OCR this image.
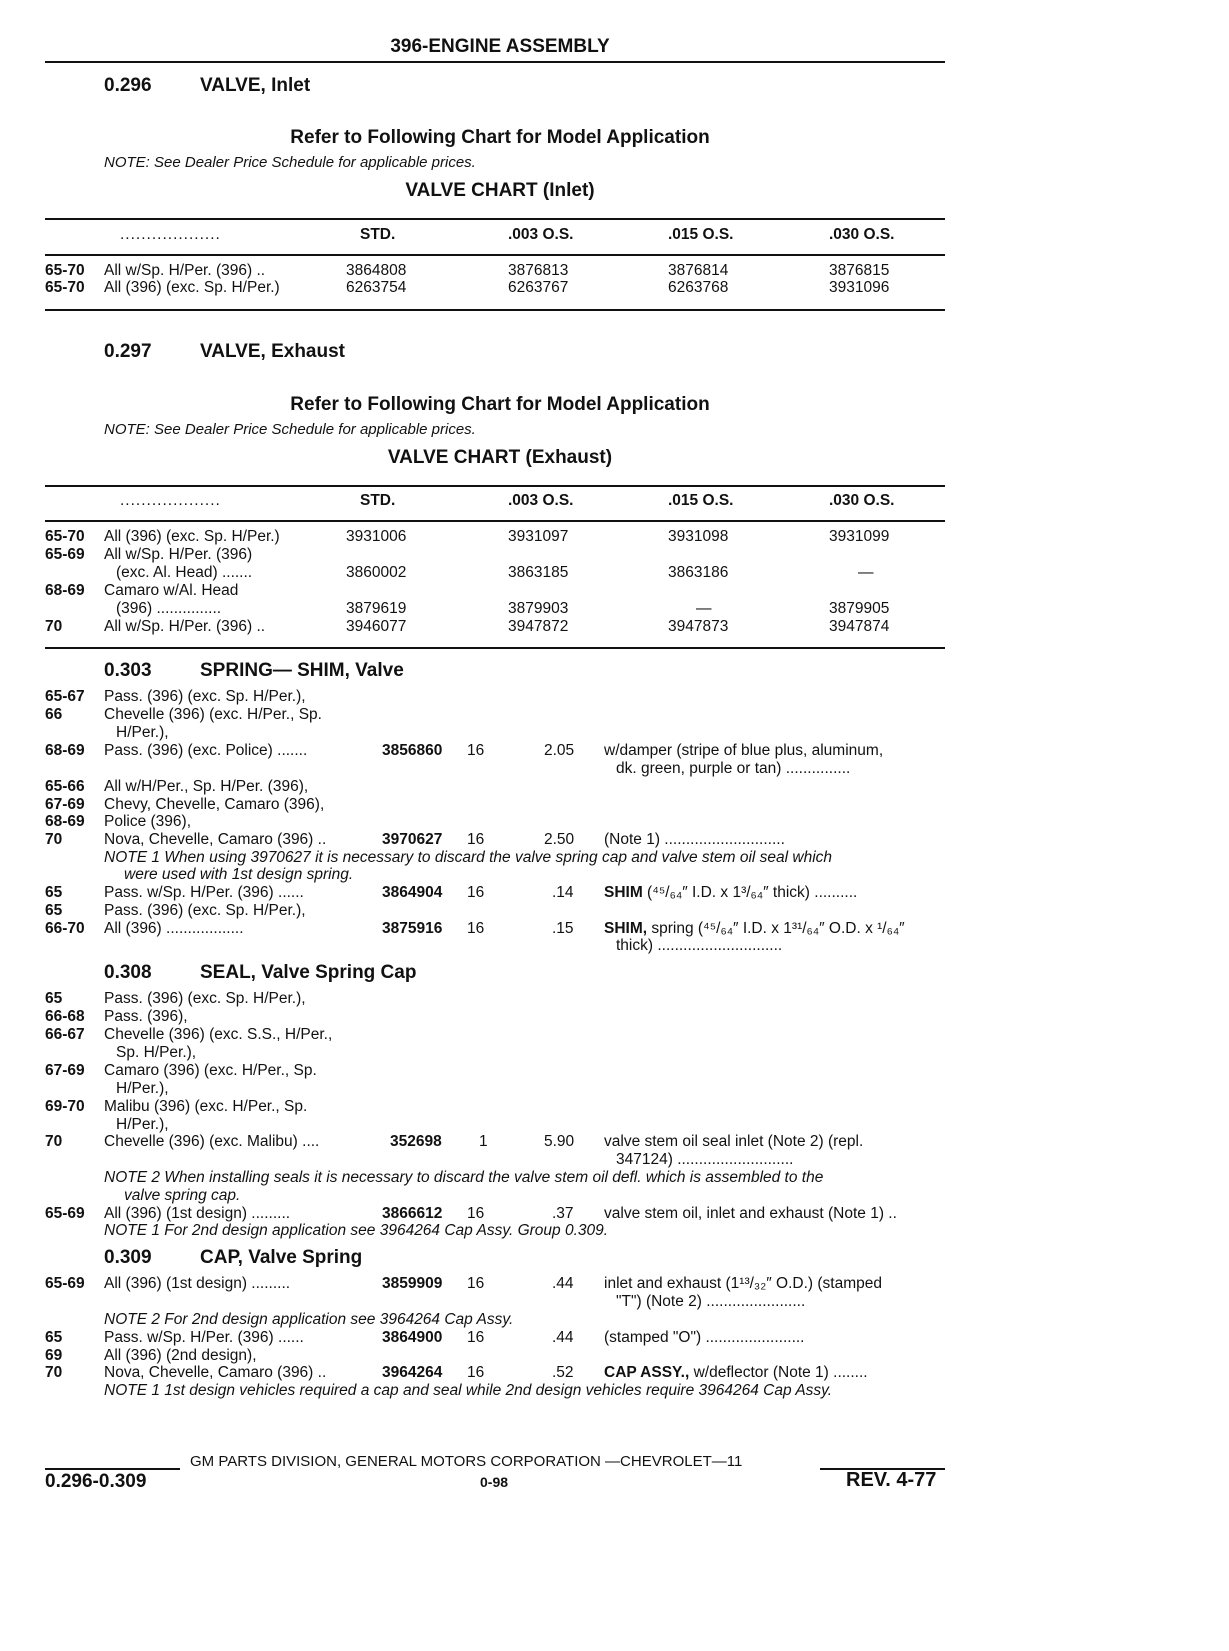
396-ENGINE ASSEMBLY
0.296	VALVE, Inlet
Refer to Following Chart for Model Application
NOTE: See Dealer Price Schedule for applicable prices.
VALVE CHART (Inlet)
...................	STD.	.003 O.S.	.015 O.S.	.030 O.S.
65-70 All w/Sp. H/Per. (396) ..	3864808	3876813	3876814	3876815
65-70 All (396) (exc. Sp. H/Per.)	6263754	6263767	6263768	3931096
0.297	VALVE, Exhaust
Refer to Following Chart for Model Application
NOTE: See Dealer Price Schedule for applicable prices.
VALVE CHART (Exhaust)
...................	STD.	.003 O.S.	.015 O.S.	.030 O.S.
65-70 All (396) (exc. Sp. H/Per.)	3931006	3931097	3931098	3931099
65-69 All w/Sp. H/Per. (396)
(exc. Al. Head) .......	3860002	3863185	3863186	—
68-69 Camaro w/Al. Head
(396) ...............	3879619	3879903	—	3879905
70	All w/Sp. H/Per. (396) ..	3946077	3947872	3947873	3947874
0.303	SPRING— SHIM, Valve
65-67 Pass. (396) (exc. Sp. H/Per.),
66	Chevelle (396) (exc. H/Per., Sp.
H/Per.),
68-69 Pass. (396) (exc. Police) .......	3856860 16	2.05 w/damper (stripe of blue plus, aluminum,
dk. green, purple or tan) ...............
65-66 All w/H/Per., Sp. H/Per. (396),
67-69 Chevy, Chevelle, Camaro (396),
68-69 Police (396),
70	Nova, Chevelle, Camaro (396) ..	3970627 16	2.50 (Note 1) ............................
NOTE 1 When using 3970627 it is necessary to discard the valve spring cap and valve stem oil seal which
were used with 1st design spring.
65	Pass. w/Sp. H/Per. (396) ......	3864904 16	.14 SHIM (⁴⁵/₆₄″ I.D. x 1³/₆₄″ thick) ..........
65	Pass. (396) (exc. Sp. H/Per.),
66-70 All (396) ..................	3875916 16	.15 SHIM, spring (⁴⁵/₆₄″ I.D. x 1³¹/₆₄″ O.D. x ¹/₆₄″
thick) .............................
0.308	SEAL, Valve Spring Cap
65	Pass. (396) (exc. Sp. H/Per.),
66-68 Pass. (396),
66-67 Chevelle (396) (exc. S.S., H/Per.,
Sp. H/Per.),
67-69 Camaro (396) (exc. H/Per., Sp.
H/Per.),
69-70 Malibu (396) (exc. H/Per., Sp.
H/Per.),
70	Chevelle (396) (exc. Malibu) ....	352698 1	5.90 valve stem oil seal inlet (Note 2) (repl.
347124) ...........................
NOTE 2 When installing seals it is necessary to discard the valve stem oil defl. which is assembled to the
valve spring cap.
65-69 All (396) (1st design) .........	3866612 16	.37 valve stem oil, inlet and exhaust (Note 1) ..
NOTE 1 For 2nd design application see 3964264 Cap Assy. Group 0.309.
0.309	CAP, Valve Spring
65-69 All (396) (1st design) .........	3859909 16	.44 inlet and exhaust (1¹³/₃₂″ O.D.) (stamped
"T") (Note 2) .......................
NOTE 2 For 2nd design application see 3964264 Cap Assy.
65	Pass. w/Sp. H/Per. (396) ......	3864900 16	.44 (stamped "O") .......................
69	All (396) (2nd design),
70	Nova, Chevelle, Camaro (396) ..	3964264 16	.52 CAP ASSY., w/deflector (Note 1) ........
NOTE 1 1st design vehicles required a cap and seal while 2nd design vehicles require 3964264 Cap Assy.
GM PARTS DIVISION, GENERAL MOTORS CORPORATION —CHEVROLET—11
0.296-0.309	0-98	REV. 4-77
